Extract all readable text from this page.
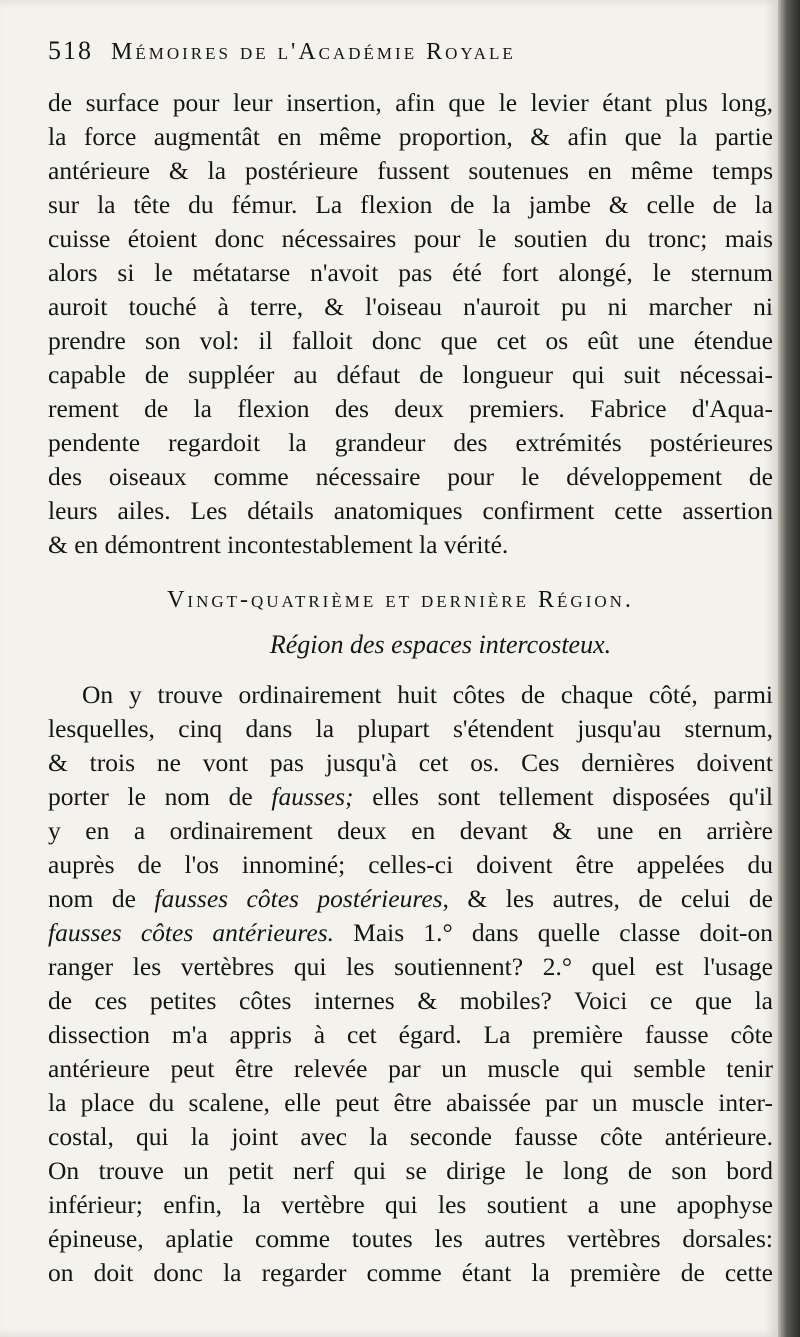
518 Mémoires de l'Académie Royale
de surface pour leur insertion, afin que le levier étant plus long,
la force augmentât en même proportion, & afin que la partie
antérieure & la postérieure fussent soutenues en même temps
sur la tête du fémur. La flexion de la jambe & celle de la
cuisse étoient donc nécessaires pour le soutien du tronc; mais
alors si le métatarse n'avoit pas été fort alongé, le sternum
auroit touché à terre, & l'oiseau n'auroit pu ni marcher ni
prendre son vol: il falloit donc que cet os eût une étendue
capable de suppléer au défaut de longueur qui suit nécessai-
rement de la flexion des deux premiers. Fabrice d'Aqua-
pendente regardoit la grandeur des extrémités postérieures
des oiseaux comme nécessaire pour le développement de
leurs ailes. Les détails anatomiques confirment cette assertion
& en démontrent incontestablement la vérité.
Vingt-quatrième et dernière Région.
Région des espaces intercosteux.
On y trouve ordinairement huit côtes de chaque côté, parmi
lesquelles, cinq dans la plupart s'étendent jusqu'au sternum,
& trois ne vont pas jusqu'à cet os. Ces dernières doivent
porter le nom de fausses; elles sont tellement disposées qu'il
y en a ordinairement deux en devant & une en arrière
auprès de l'os innominé; celles-ci doivent être appelées du
nom de fausses côtes postérieures, & les autres, de celui de
fausses côtes antérieures. Mais 1.° dans quelle classe doit-on
ranger les vertèbres qui les soutiennent? 2.° quel est l'usage
de ces petites côtes internes & mobiles? Voici ce que la
dissection m'a appris à cet égard. La première fausse côte
antérieure peut être relevée par un muscle qui semble tenir
la place du scalene, elle peut être abaissée par un muscle inter-
costal, qui la joint avec la seconde fausse côte antérieure.
On trouve un petit nerf qui se dirige le long de son bord
inférieur; enfin, la vertèbre qui les soutient a une apophyse
épineuse, aplatie comme toutes les autres vertèbres dorsales:
on doit donc la regarder comme étant la première de cette
